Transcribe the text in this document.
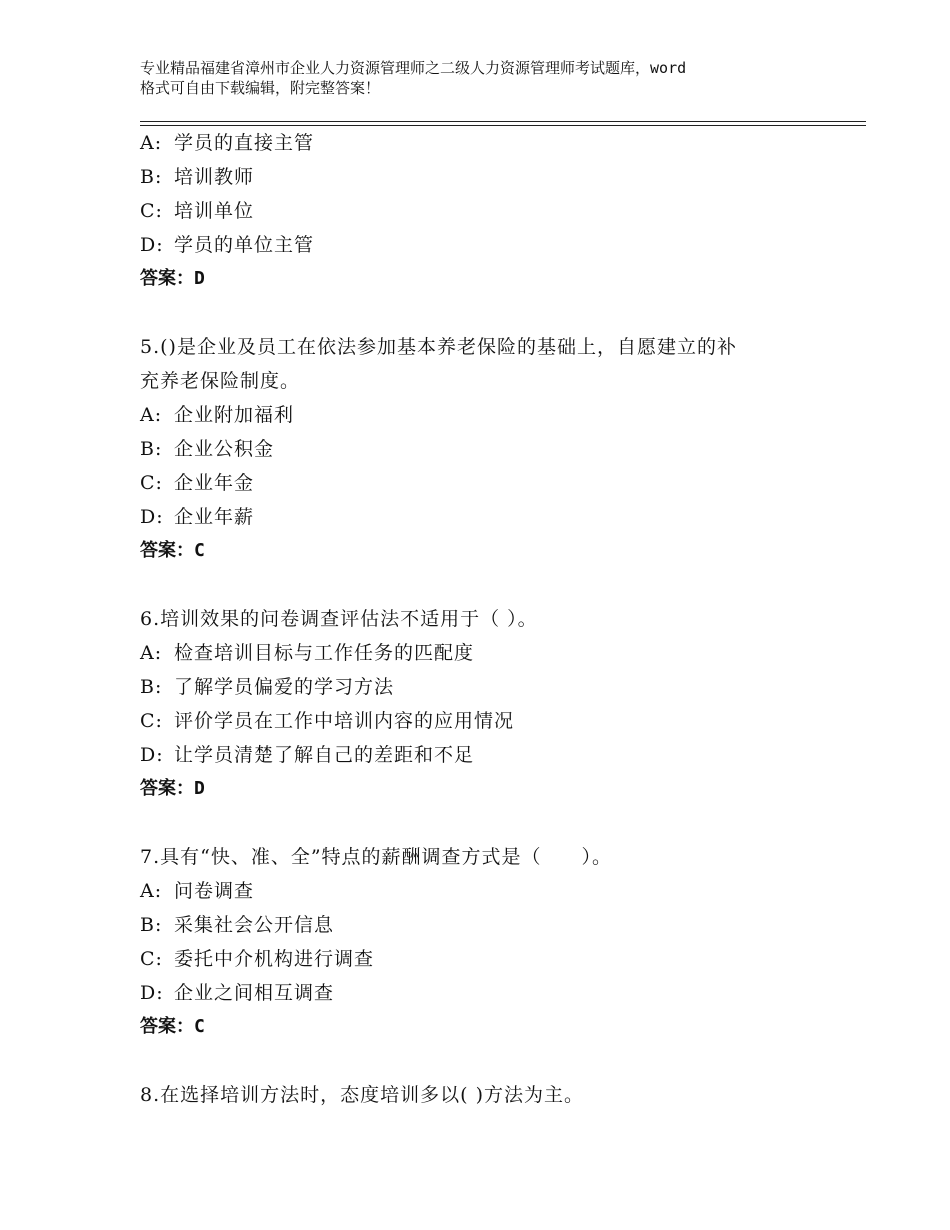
专业精品福建省漳州市企业人力资源管理师之二级人力资源管理师考试题库，word
格式可自由下载编辑，附完整答案！
A: 学员的直接主管
B: 培训教师
C: 培训单位
D: 学员的单位主管
答案：D
5.()是企业及员工在依法参加基本养老保险的基础上，自愿建立的补
充养老保险制度。
A: 企业附加福利
B: 企业公积金
C: 企业年金
D: 企业年薪
答案：C
6.培训效果的问卷调查评估法不适用于（ ）。
A: 检查培训目标与工作任务的匹配度
B: 了解学员偏爱的学习方法
C: 评价学员在工作中培训内容的应用情况
D: 让学员清楚了解自己的差距和不足
答案：D
7.具有“快、准、全”特点的薪酬调查方式是（　　）。
A: 问卷调查
B: 采集社会公开信息
C: 委托中介机构进行调查
D: 企业之间相互调查
答案：C
8.在选择培训方法时，态度培训多以( )方法为主。
